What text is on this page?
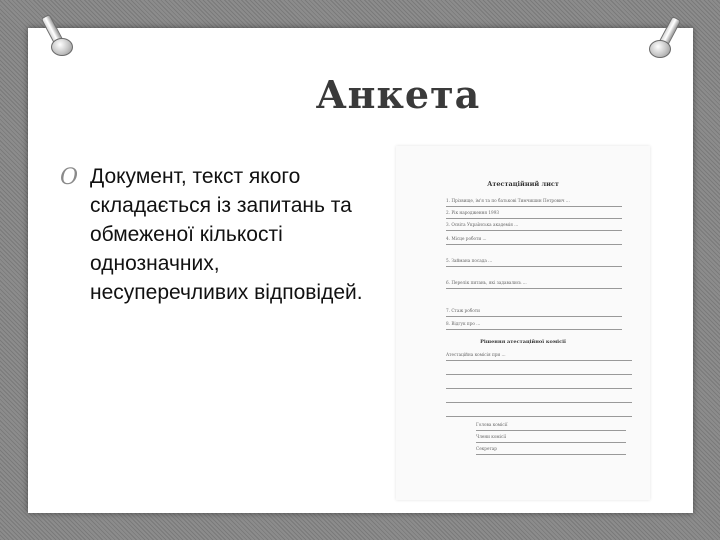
Анкета
O Документ, текст якого складається із запитань та обмеженої кількості однозначних, несуперечливих відповідей.
Атестаційний лист
1. Прізвище, ім'я та по батькові Тимчишин Петрович ...
2. Рік народження 1993
3. Освіта Українська академія ...
4. Місце роботи ...
5. Займана посада ...
6. Перелік питань, які задавались ...
7. Стаж роботи
8. Відгук про ...
Рішення атестаційної комісії
Атестаційна комісія при ...
Голова комісії
Члени комісії
Секретар
